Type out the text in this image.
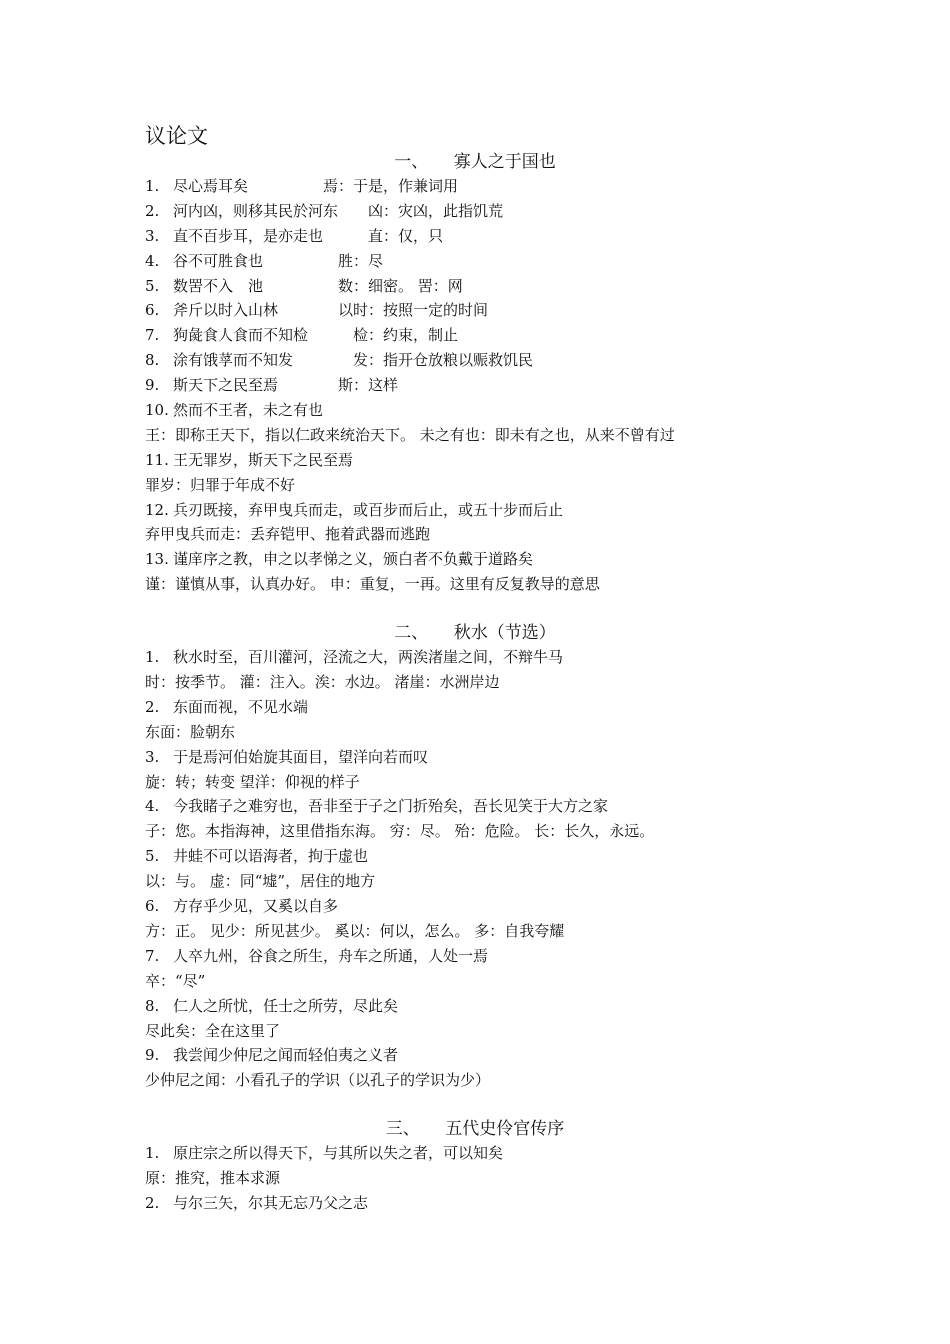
议论文
一、　　寡人之于国也

1. 尽心焉耳矣　　　　　焉：于是，作兼词用

2. 河内凶，则移其民於河东　　凶：灾凶，此指饥荒

3. 直不百步耳，是亦走也　　　直：仅，只

4. 谷不可胜食也　　　　　胜：尽

5. 数罟不入　池　　　　　数：细密。 罟：网

6. 斧斤以时入山林　　　　以时：按照一定的时间

7. 狗彘食人食而不知检　　　检：约束，制止

8. 涂有饿莩而不知发　　　　发：指开仓放粮以赈救饥民

9. 斯天下之民至焉　　　　斯：这样

10. 然而不王者，未之有也

王：即称王天下，指以仁政来统治天下。 未之有也：即未有之也，从来不曾有过

11. 王无罪岁，斯天下之民至焉

罪岁：归罪于年成不好

12. 兵刃既接，弃甲曳兵而走，或百步而后止，或五十步而后止

弃甲曳兵而走：丢弃铠甲、拖着武器而逃跑

13. 谨庠序之教，申之以孝悌之义，颁白者不负戴于道路矣

谨：谨慎从事，认真办好。 申：重复，一再。这里有反复教导的意思

二、　　秋水（节选）

1. 秋水时至，百川灌河，泾流之大，两涘渚崖之间，不辩牛马

时：按季节。 灌：注入。涘：水边。 渚崖：水洲岸边

2. 东面而视，不见水端

东面：脸朝东

3. 于是焉河伯始旋其面目，望洋向若而叹

旋：转；转变 望洋：仰视的样子

4. 今我睹子之难穷也，吾非至于子之门折殆矣，吾长见笑于大方之家

子：您。本指海神，这里借指东海。 穷：尽。 殆：危险。 长：长久，永远。

5. 井蛙不可以语海者，拘于虚也

以：与。 虚：同“墟”，居住的地方

6. 方存乎少见，又奚以自多

方：正。 见少：所见甚少。 奚以：何以，怎么。 多：自我夸耀

7. 人卒九州，谷食之所生，舟车之所通，人处一焉

卒：“尽”

8. 仁人之所忧，任士之所劳，尽此矣

尽此矣：全在这里了

9. 我尝闻少仲尼之闻而轻伯夷之义者

少仲尼之闻：小看孔子的学识（以孔子的学识为少）

三、　　五代史伶官传序

1. 原庄宗之所以得天下，与其所以失之者，可以知矣

原：推究，推本求源

2. 与尔三矢，尔其无忘乃父之志
